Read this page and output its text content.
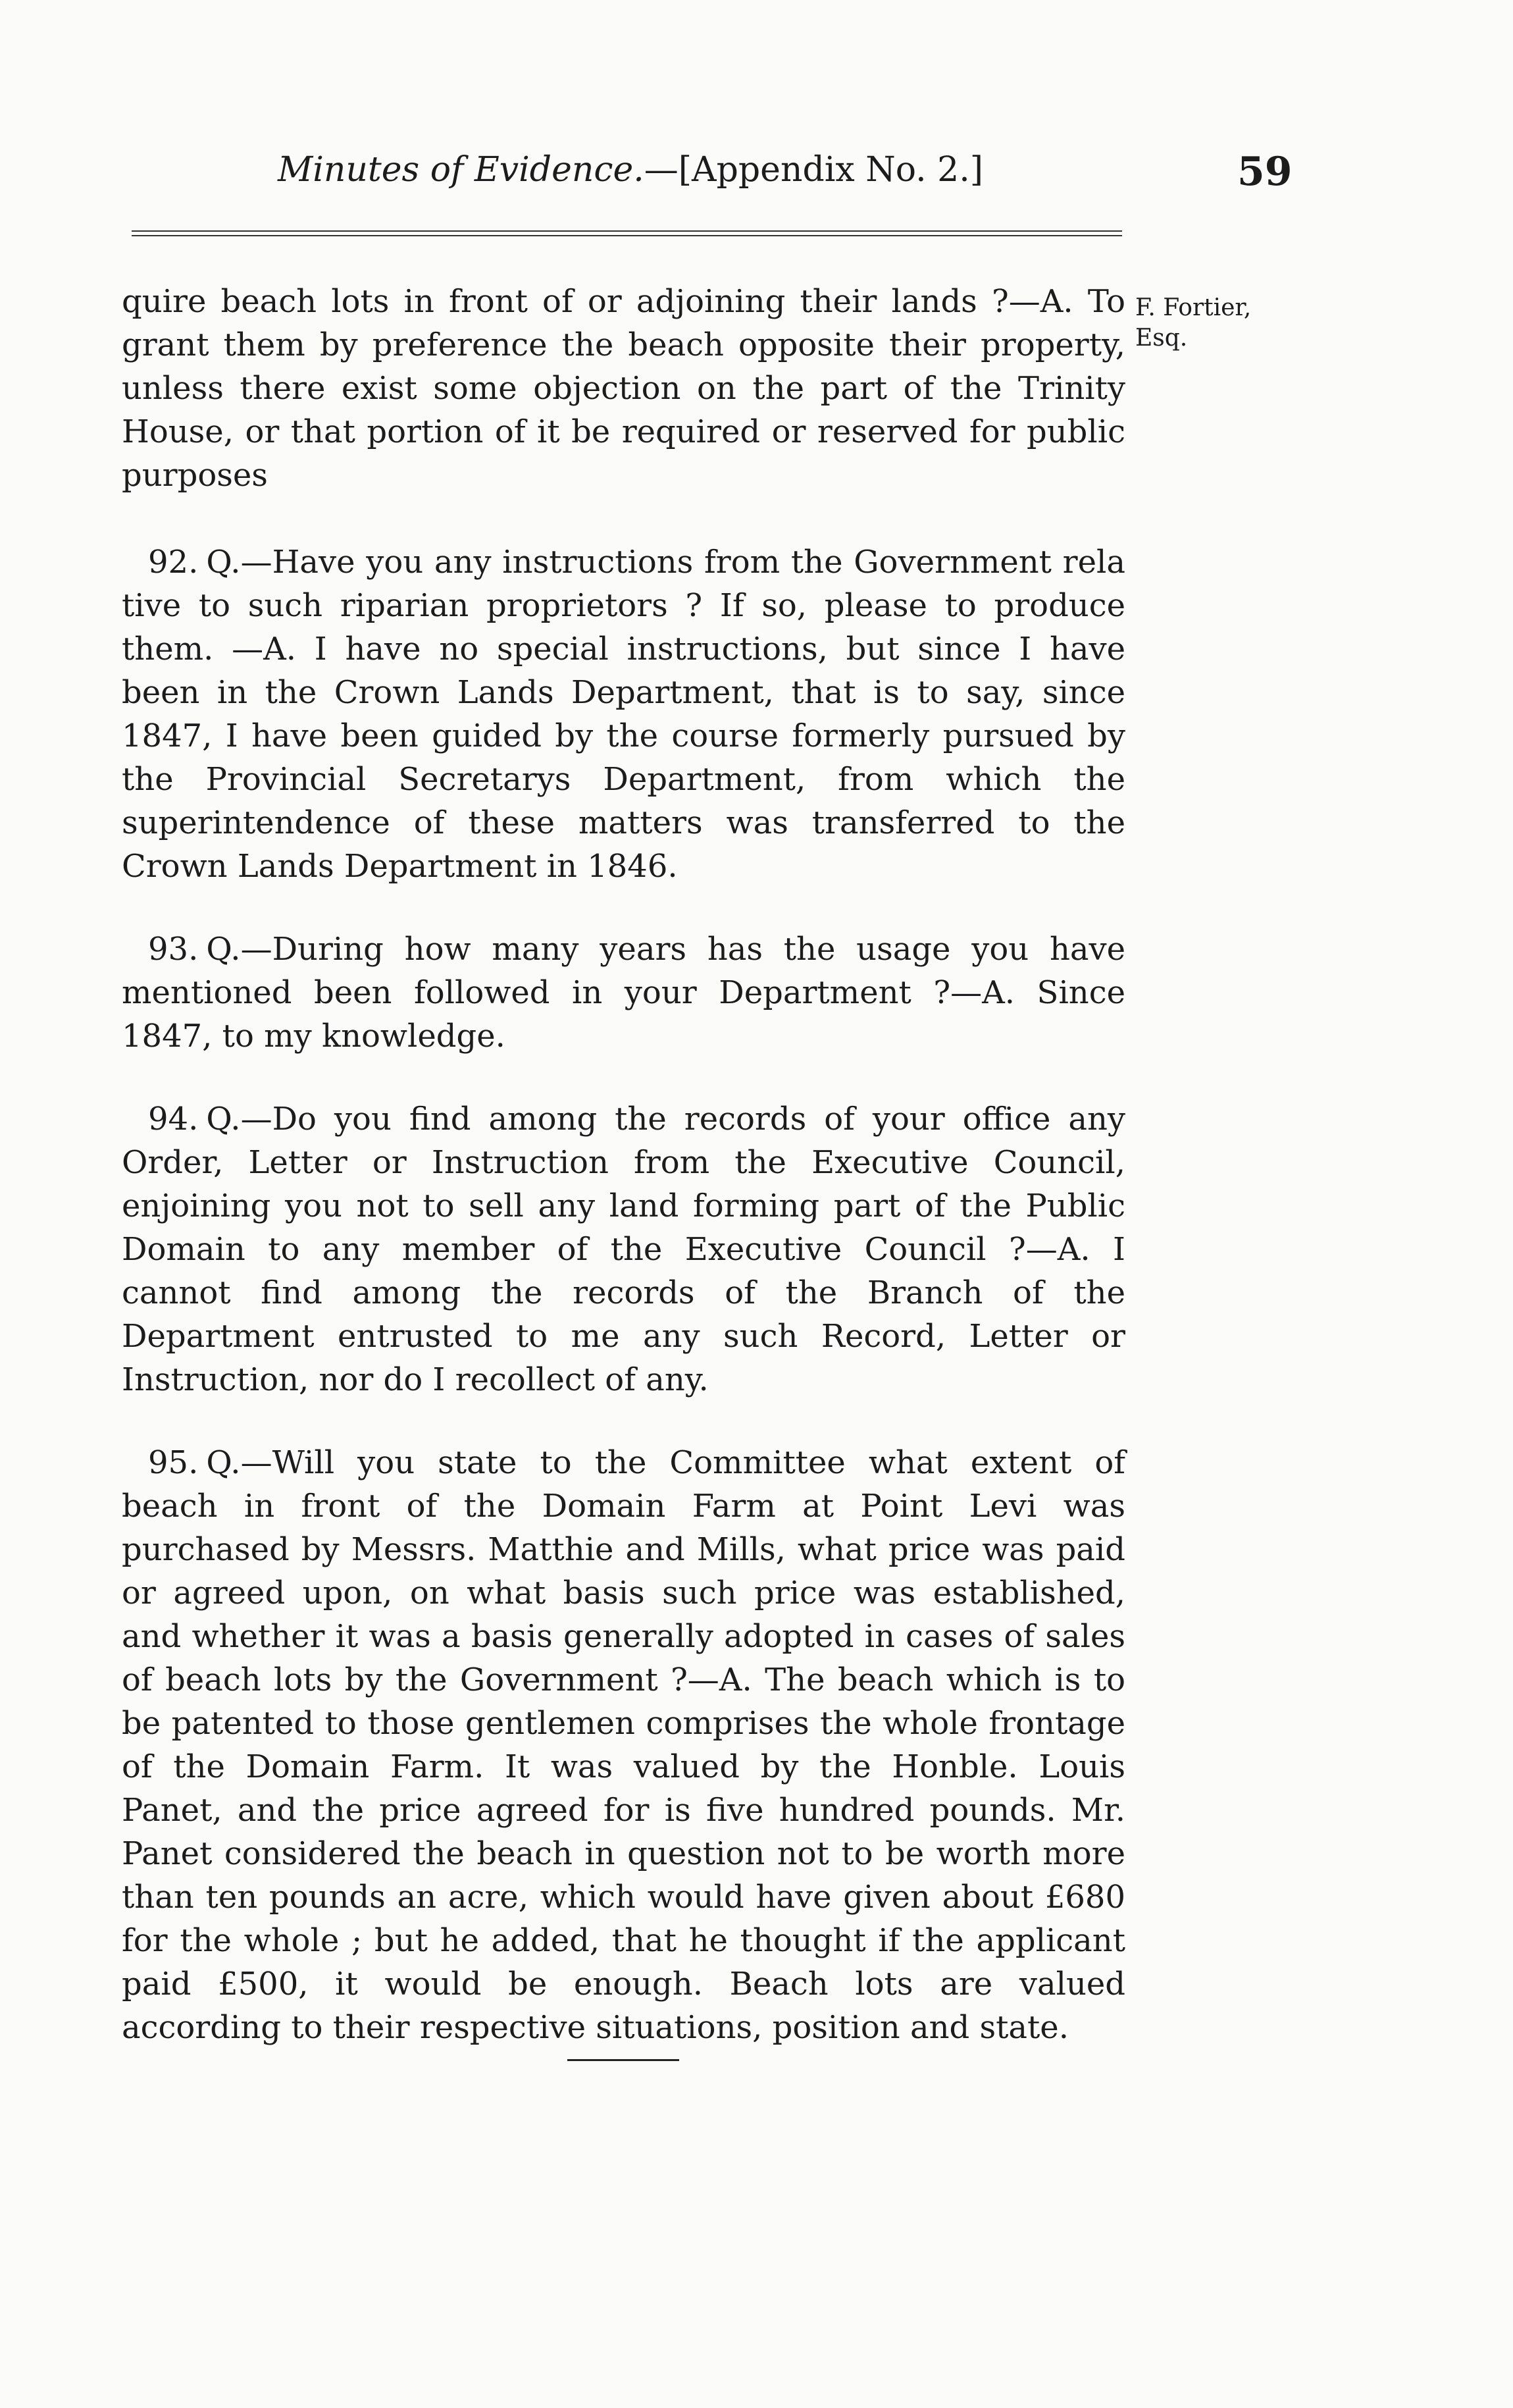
Minutes of Evidence.—[Appendix No. 2.]	59
F. Fortier,
Esq.

quire beach lots in front of or adjoining their lands ?—A. To grant them by preference the beach opposite their property, unless there exist some objection on the part of the Trinity House, or that portion of it be required or reserved for public purposes

92. Q.—Have you any instructions from the Government rela tive to such riparian proprietors ? If so, please to produce them. —A. I have no special instructions, but since I have been in the Crown Lands Department, that is to say, since 1847, I have been guided by the course formerly pursued by the Provincial Secretarys Department, from which the superintendence of these matters was transferred to the Crown Lands Department in 1846.

93. Q.—During how many years has the usage you have mentioned been followed in your Department ?—A. Since 1847, to my knowledge.

94. Q.—Do you find among the records of your office any Order, Letter or Instruction from the Executive Council, enjoining you not to sell any land forming part of the Public Domain to any member of the Executive Council ?—A. I cannot find among the records of the Branch of the Department entrusted to me any such Record, Letter or Instruction, nor do I recollect of any.

95. Q.—Will you state to the Committee what extent of beach in front of the Domain Farm at Point Levi was purchased by Messrs. Matthie and Mills, what price was paid or agreed upon, on what basis such price was established, and whether it was a basis generally adopted in cases of sales of beach lots by the Government ?—A. The beach which is to be patented to those gentlemen comprises the whole frontage of the Domain Farm. It was valued by the Honble. Louis Panet, and the price agreed for is five hundred pounds. Mr. Panet considered the beach in question not to be worth more than ten pounds an acre, which would have given about £680 for the whole ; but he added, that he thought if the applicant paid £500, it would be enough. Beach lots are valued according to their respective situations, position and state.
